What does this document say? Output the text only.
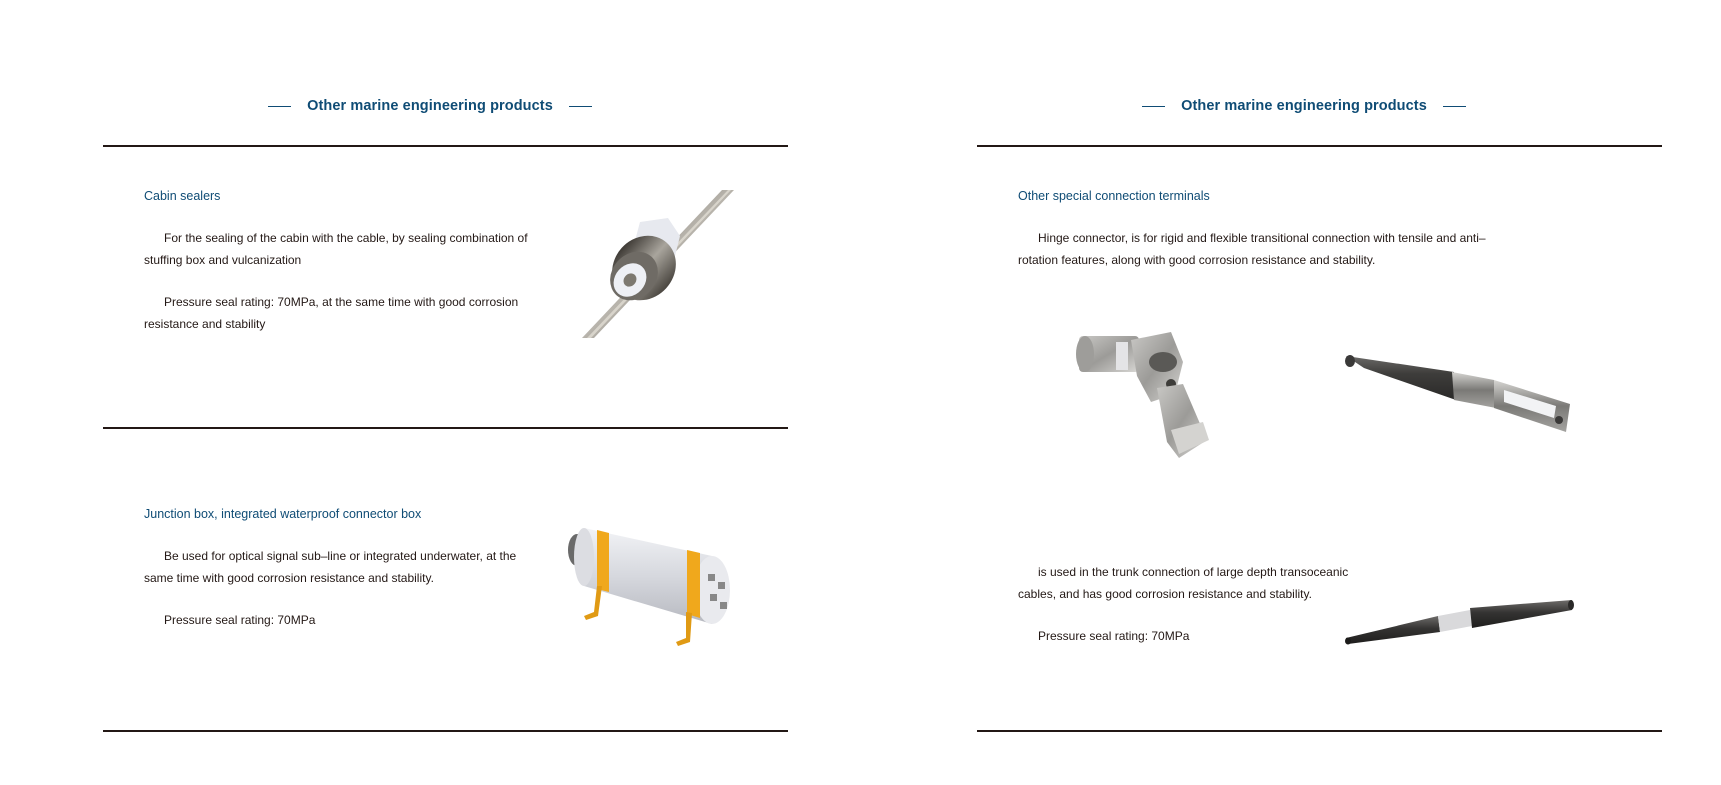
Other marine engineering products
Cabin sealers
For the sealing of the cabin with the cable, by sealing combination of stuffing box and vulcanization
Pressure seal rating: 70MPa, at the same time with good corrosion resistance and stability
Junction box, integrated waterproof connector box
Be used for optical signal sub–line or integrated underwater, at the same time with good corrosion resistance and stability.
Pressure seal rating: 70MPa
Other marine engineering products
Other special connection terminals
Hinge connector, is for rigid and flexible transitional connection with tensile and anti–rotation features, along with good corrosion resistance and stability.
is used in the trunk connection of large depth transoceanic cables, and has good corrosion resistance and stability.
Pressure seal rating: 70MPa
